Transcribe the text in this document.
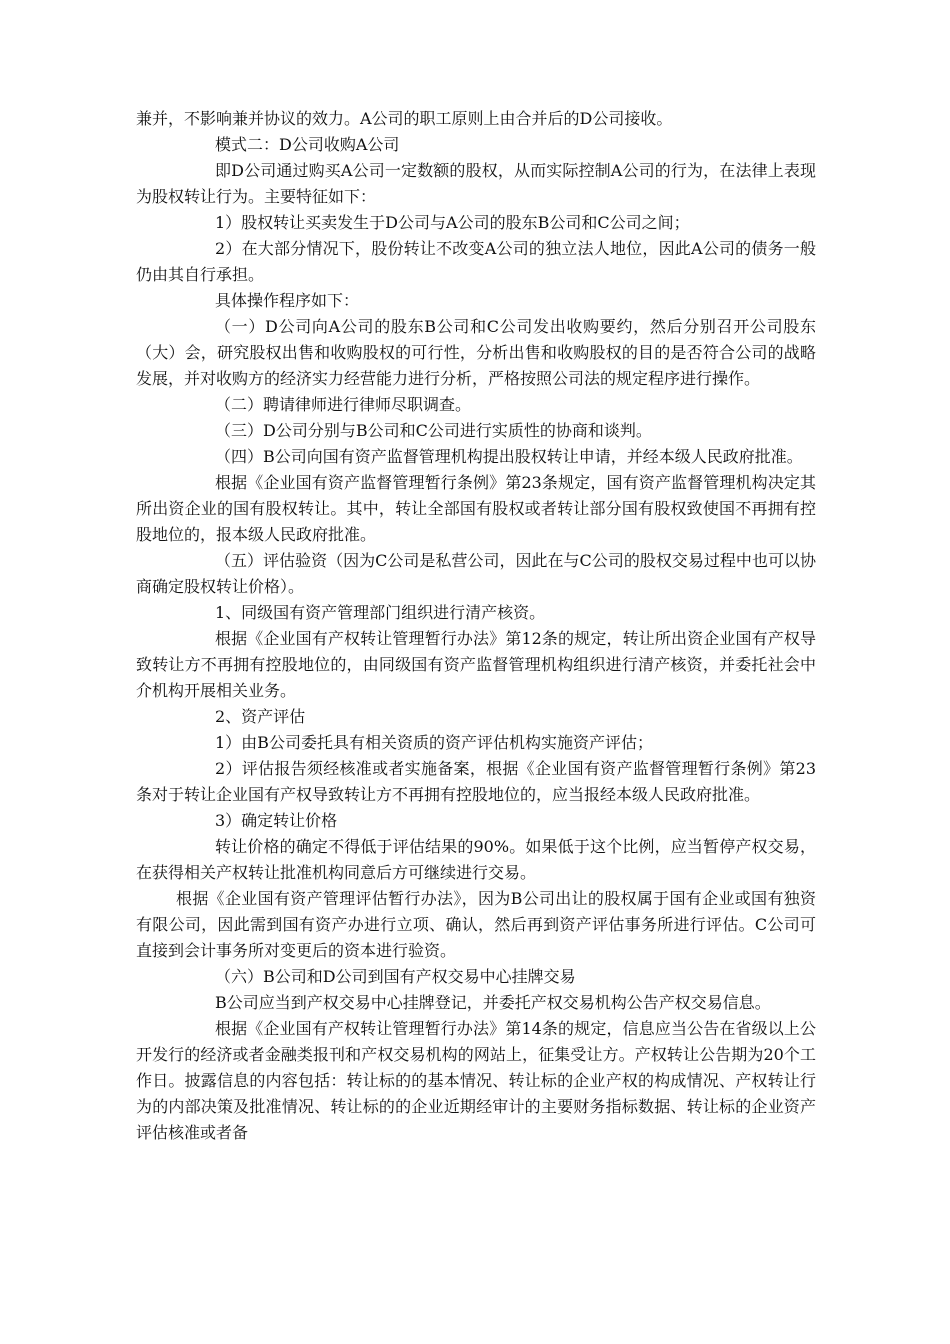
兼并，不影响兼并协议的效力。A公司的职工原则上由合并后的D公司接收。

模式二：D公司收购A公司

即D公司通过购买A公司一定数额的股权，从而实际控制A公司的行为，在法律上表现为股权转让行为。主要特征如下：

1）股权转让买卖发生于D公司与A公司的股东B公司和C公司之间；

2）在大部分情况下，股份转让不改变A公司的独立法人地位，因此A公司的债务一般仍由其自行承担。

具体操作程序如下：

（一）D公司向A公司的股东B公司和C公司发出收购要约，然后分别召开公司股东（大）会，研究股权出售和收购股权的可行性，分析出售和收购股权的目的是否符合公司的战略发展，并对收购方的经济实力经营能力进行分析，严格按照公司法的规定程序进行操作。

（二）聘请律师进行律师尽职调查。

（三）D公司分别与B公司和C公司进行实质性的协商和谈判。

（四）B公司向国有资产监督管理机构提出股权转让申请，并经本级人民政府批准。

根据《企业国有资产监督管理暂行条例》第23条规定，国有资产监督管理机构决定其所出资企业的国有股权转让。其中，转让全部国有股权或者转让部分国有股权致使国不再拥有控股地位的，报本级人民政府批准。

（五）评估验资（因为C公司是私营公司，因此在与C公司的股权交易过程中也可以协商确定股权转让价格）。

1、同级国有资产管理部门组织进行清产核资。

根据《企业国有产权转让管理暂行办法》第12条的规定，转让所出资企业国有产权导致转让方不再拥有控股地位的，由同级国有资产监督管理机构组织进行清产核资，并委托社会中介机构开展相关业务。

2、资产评估

1）由B公司委托具有相关资质的资产评估机构实施资产评估；

2）评估报告须经核准或者实施备案，根据《企业国有资产监督管理暂行条例》第23条对于转让企业国有产权导致转让方不再拥有控股地位的，应当报经本级人民政府批准。

3）确定转让价格

转让价格的确定不得低于评估结果的90%。如果低于这个比例，应当暂停产权交易，在获得相关产权转让批准机构同意后方可继续进行交易。

根据《企业国有资产管理评估暂行办法》，因为B公司出让的股权属于国有企业或国有独资有限公司，因此需到国有资产办进行立项、确认，然后再到资产评估事务所进行评估。C公司可直接到会计事务所对变更后的资本进行验资。

（六）B公司和D公司到国有产权交易中心挂牌交易

B公司应当到产权交易中心挂牌登记，并委托产权交易机构公告产权交易信息。

根据《企业国有产权转让管理暂行办法》第14条的规定，信息应当公告在省级以上公开发行的经济或者金融类报刊和产权交易机构的网站上，征集受让方。产权转让公告期为20个工作日。披露信息的内容包括：转让标的的基本情况、转让标的企业产权的构成情况、产权转让行为的内部决策及批准情况、转让标的的企业近期经审计的主要财务指标数据、转让标的企业资产评估核准或者备
